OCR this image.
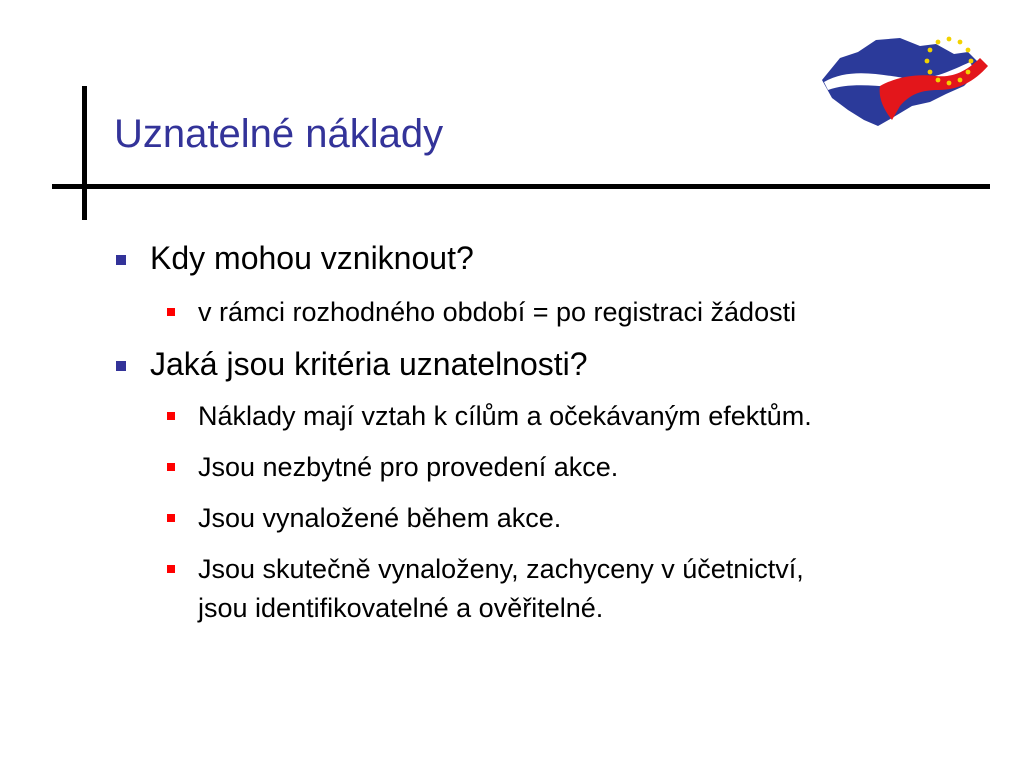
Uznatelné náklady
Kdy mohou vzniknout?
v rámci rozhodného období = po registraci žádosti
Jaká jsou kritéria uznatelnosti?
Náklady mají vztah k cílům a očekávaným efektům.
Jsou nezbytné pro provedení akce.
Jsou vynaložené během akce.
Jsou skutečně vynaloženy, zachyceny v účetnictví,
jsou identifikovatelné a ověřitelné.
